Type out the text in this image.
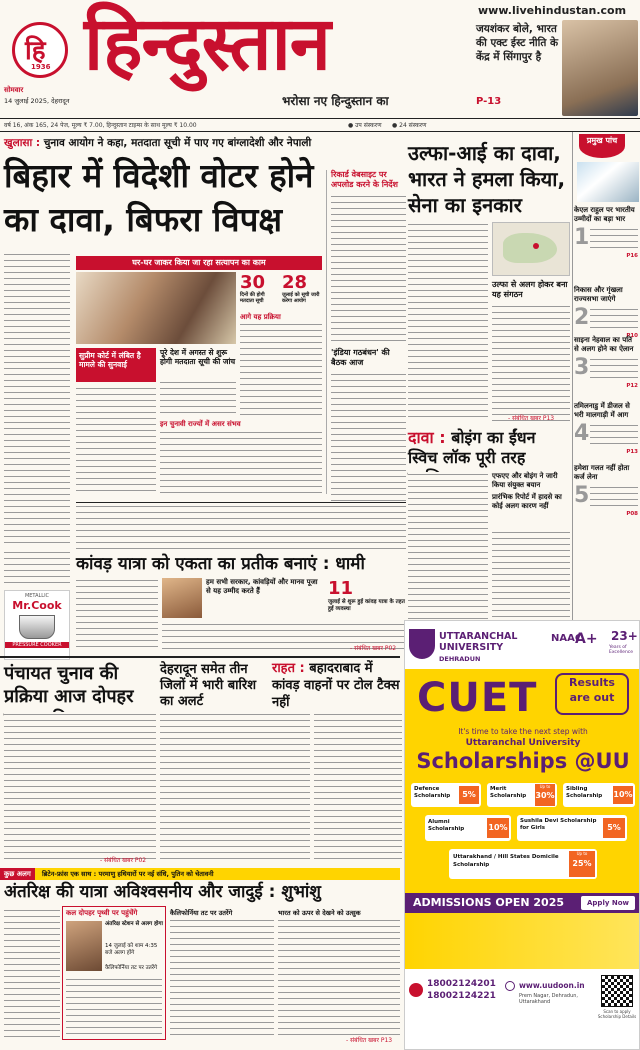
हि
1936
सोमवार
14 जुलाई 2025, देहरादून
हिन्दुस्तान
भरोसा नए हिन्दुस्तान का
www.livehindustan.com
जयशंकर बोले, भारत की एक्ट ईस्ट नीति के केंद्र में सिंगापुर है
P-13
वर्ष 16, अंक 165, 24 पेज, मूल्य ₹ 7.00, हिन्दुस्तान टाइम्स के साथ मूल्य ₹ 10.00	● उप संस्करण ● 24 संस्करण
खुलासा : चुनाव आयोग ने कहा, मतदाता सूची में पाए गए बांग्लादेशी और नेपाली
बिहार में विदेशी वोटर होने का दावा, बिफरा विपक्ष
घर-घर जाकर किया जा रहा सत्यापन का काम
30
दिनों की होगी मतदाता सूची
28
जुलाई को सूची जारी करेगा आयोग
आगे यह प्रक्रिया
सुप्रीम कोर्ट में लंबित है मामले की सुनवाई
पूरे देश में अगस्त से शुरू होगी मतदाता सूची की जांच
इन चुनावी राज्यों में असर संभव
रिकार्ड वेबसाइट पर अपलोड करने के निर्देश
'इंडिया गठबंधन' की बैठक आज
METALLIC
Mr.Cook
PRESSURE COOKER
कांवड़ यात्रा को एकता का प्रतीक बनाएं : धामी
हम सभी सरकार, कांवड़ियों और मानव पूजा से यह उम्मीद करते हैं	11
जुलाई से शुरू हुई कांवड़ यात्रा के तहत हुई व्यवस्था
- संबंधित खबर P02
उल्फा-आई का दावा, भारत ने हमला किया, सेना का इनकार
उल्फा से अलग होकर बना यह संगठन
- संबंधित खबर P13
दावा : बोइंग का ईंधन स्विच लॉक पूरी तरह
एफएए और बोइंग ने जारी किया संयुक्त बयान
प्रारंभिक रिपोर्ट में हादसे का कोई अलग कारण नहीं
प्रमुख पांच
पंचायत चुनाव की प्रक्रिया आज दोपहर
- संबंधित खबर P02
देहरादून समेत तीन जिलों में भारी बारिश का अलर्ट
राहत : बहादराबाद में कांवड़ वाहनों पर टोल टैक्स नहीं
कुछ अलग	ब्रिटेन-फ्रांस एक साथ : परमाणु हथियारों पर नई संधि, पुतिन को चेतावनी
अंतरिक्ष की यात्रा अविश्वसनीय और जादुई : शुभांशु
कल दोपहर पृथ्वी पर पहुंचेंगे
अंतरिक्ष स्टेशन से अलग होगा
14 जुलाई को शाम 4:35 बजे अलग होंगे
कैलिफोर्निया तट पर उतरेंगे
कैलिफोर्निया तट पर उतरेंगे	भारत को ऊपर से देखने को उत्सुक
- संबंधित खबर P13
UTTARANCHAL UNIVERSITY
DEHRADUN
NAAC
A+ 23+
Years of Excellence
CUET	Results
are out
It's time to take the next step with
Uttaranchal University
Scholarships @UU
Defence Scholarship	5%
Merit Scholarship
Up to
30%
Sibling Scholarship	10%
Alumni Scholarship	10%
Sushila Devi Scholarship for Girls	5%
Uttarakhand / Hill States Domicile Scholarship
Up to
25%
ADMISSIONS OPEN 2025	Apply Now
18002124201
18002124221
www.uudoon.in
Prem Nagar, Dehradun, Uttarakhand
Scan to apply Scholarship Details
केएल राहुल पर भारतीय उम्मीदों का बड़ा भार
1
P16
निकास और गृंखला राज्यसभा जाएंगे
2
P10
साइना नेहवाल का पति से अलग होने का ऐलान
3
P12
तमिलनाडु में डीजल से भरी मालगाड़ी में आग
4
P13
हमेशा गलत नहीं होता कर्ज लेना
5
P08
